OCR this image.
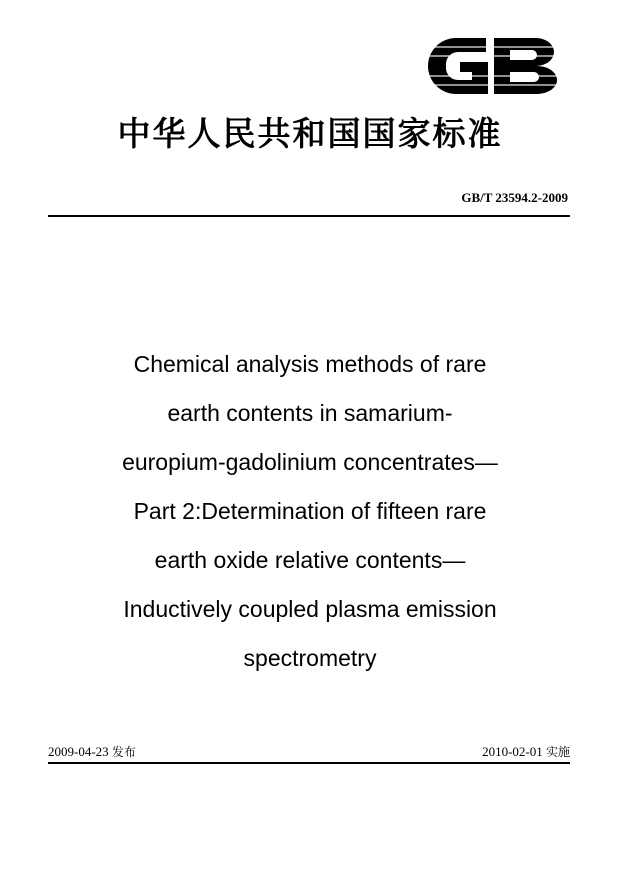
中华人民共和国国家标准
GB/T 23594.2-2009
Chemical analysis methods of rare
earth contents in samarium-
europium-gadolinium concentrates—
Part 2:Determination of fifteen rare
earth oxide relative contents—
Inductively coupled plasma emission
spectrometry
2009-04-23 发布	2010-02-01 实施
